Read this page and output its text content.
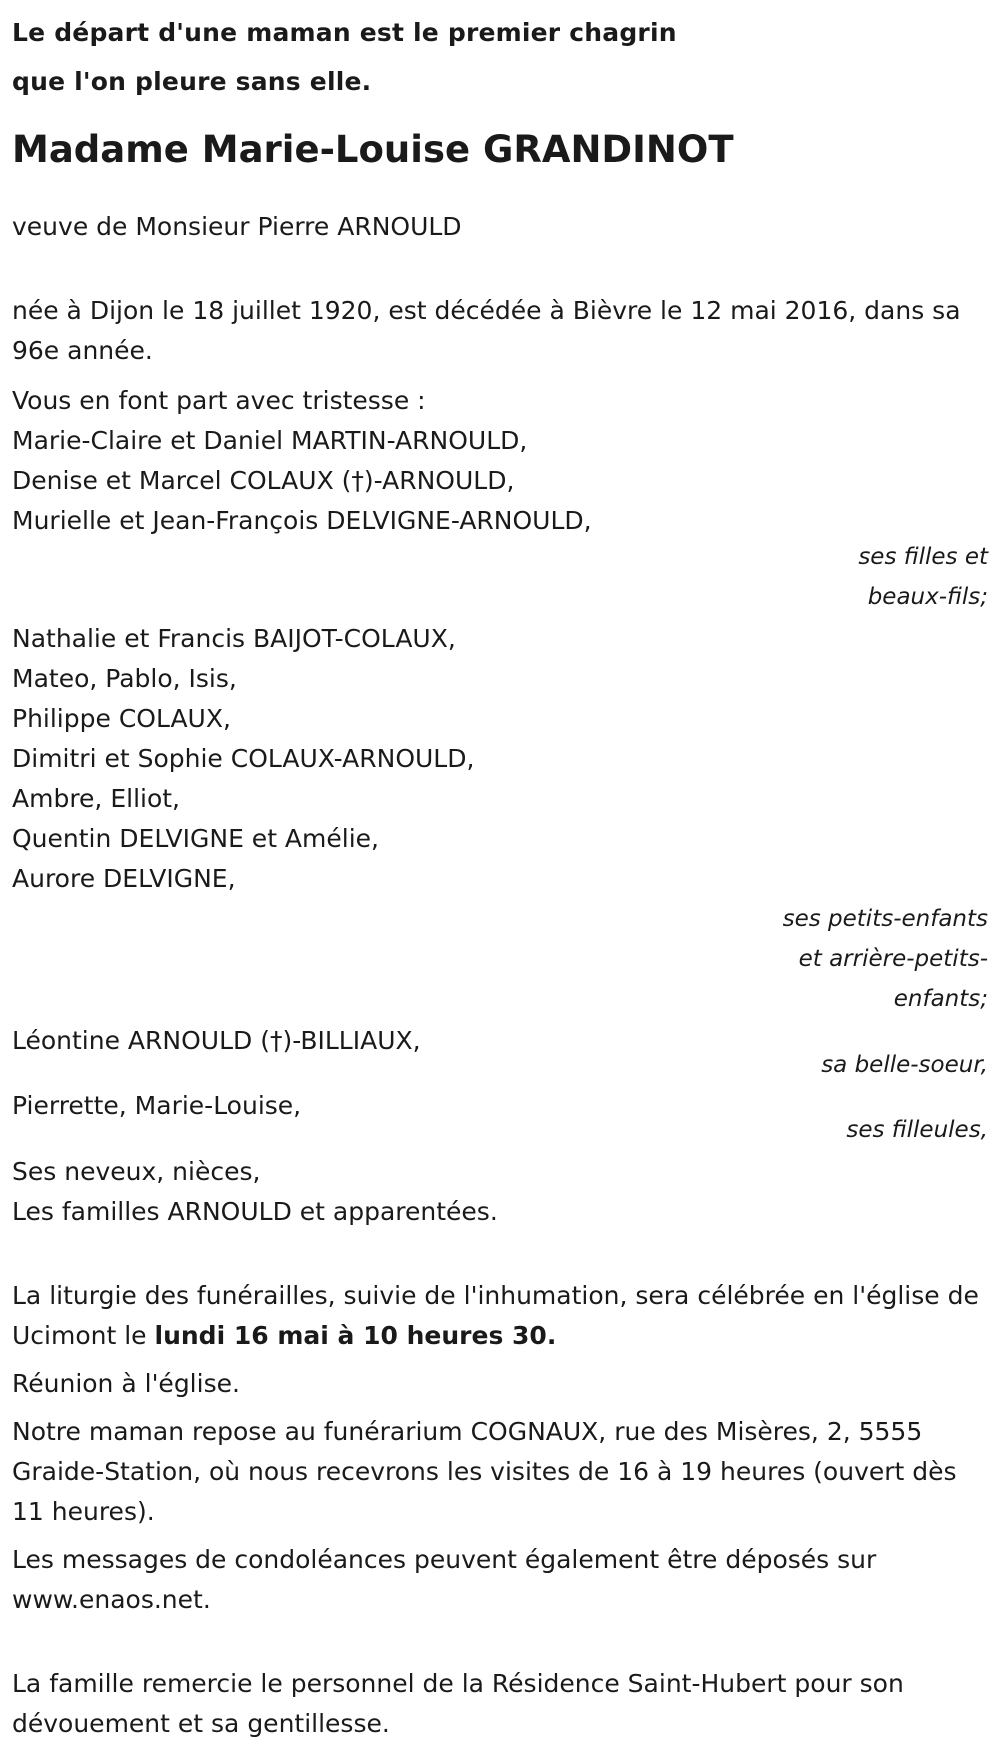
Le départ d'une maman est le premier chagrin
que l'on pleure sans elle.
Madame Marie-Louise GRANDINOT

veuve de Monsieur Pierre ARNOULD

née à Dijon le 18 juillet 1920, est décédée à Bièvre le 12 mai 2016, dans sa 96e année.

Vous en font part avec tristesse :

Marie-Claire et Daniel MARTIN-ARNOULD,

Denise et Marcel COLAUX (†)-ARNOULD,

Murielle et Jean-François DELVIGNE-ARNOULD,

ses filles et
beaux-fils;

Nathalie et Francis BAIJOT-COLAUX,

Mateo, Pablo, Isis,

Philippe COLAUX,

Dimitri et Sophie COLAUX-ARNOULD,

Ambre, Elliot,

Quentin DELVIGNE et Amélie,

Aurore DELVIGNE,

ses petits-enfants
et arrière-petits-
enfants;

Léontine ARNOULD (†)-BILLIAUX,

sa belle-soeur,

Pierrette, Marie-Louise,

ses filleules,

Ses neveux, nièces,

Les familles ARNOULD et apparentées.

La liturgie des funérailles, suivie de l'inhumation, sera célébrée en l'église de Ucimont le lundi 16 mai à 10 heures 30.

Réunion à l'église.

Notre maman repose au funérarium COGNAUX, rue des Misères, 2, 5555 Graide-Station, où nous recevrons les visites de 16 à 19 heures (ouvert dès 11 heures).

Les messages de condoléances peuvent également être déposés sur www.enaos.net.

La famille remercie le personnel de la Résidence Saint-Hubert pour son dévouement et sa gentillesse.
